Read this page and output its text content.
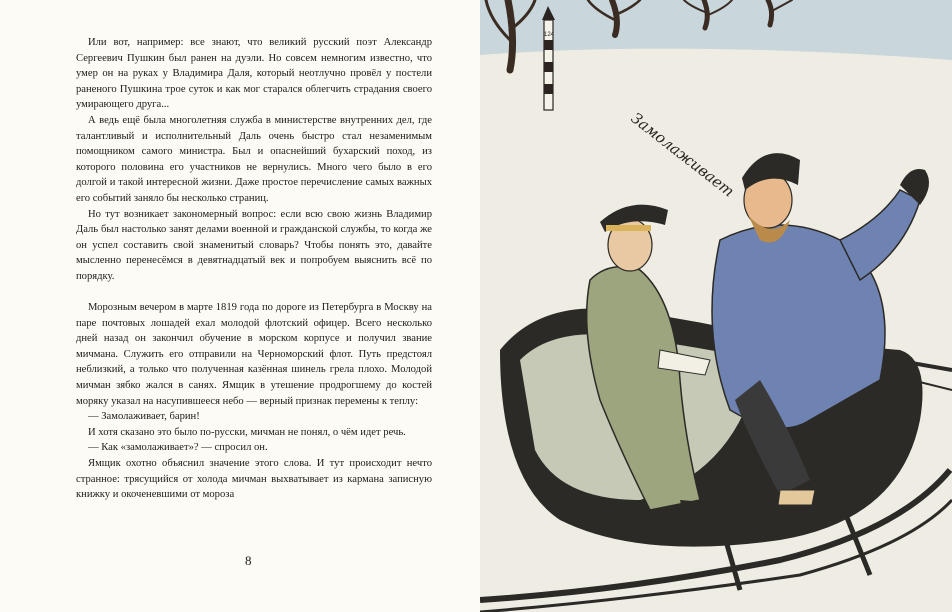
Или вот, например: все знают, что великий русский поэт Александр Сергеевич Пушкин был ранен на дуэли. Но совсем немногим известно, что умер он на руках у Владимира Даля, который неотлучно провёл у постели раненого Пушкина трое суток и как мог старался облегчить страдания своего умирающего друга...

А ведь ещё была многолетняя служба в министерстве внутренних дел, где талантливый и исполнительный Даль очень быстро стал незаменимым помощником самого министра. Был и опаснейший бухарский поход, из которого половина его участников не вернулись. Много чего было в его долгой и такой интересной жизни. Даже простое перечисление самых важных его событий заняло бы несколько страниц.

Но тут возникает закономерный вопрос: если всю свою жизнь Владимир Даль был настолько занят делами военной и гражданской службы, то когда же он успел составить свой знаменитый словарь? Чтобы понять это, давайте мысленно перенесёмся в девятнадцатый век и попробуем выяснить всё по порядку.

Морозным вечером в марте 1819 года по дороге из Петербурга в Москву на паре почтовых лошадей ехал молодой флотский офицер. Всего несколько дней назад он закончил обучение в морском корпусе и получил звание мичмана. Служить его отправили на Черноморский флот. Путь предстоял неблизкий, а только что полученная казённая шинель грела плохо. Молодой мичман зябко жался в санях. Ямщик в утешение продрогшему до костей моряку указал на насупившееся небо — верный признак перемены к теплу:

— Замолаживает, барин!

И хотя сказано это было по-русски, мичман не понял, о чём идет речь.

— Как «замолаживает»? — спросил он.

Ямщик охотно объяснил значение этого слова. И тут происходит нечто странное: трясущийся от холода мичман выхватывает из кармана записную книжку и окоченевшими от мороза

8
124
Замолаживает
